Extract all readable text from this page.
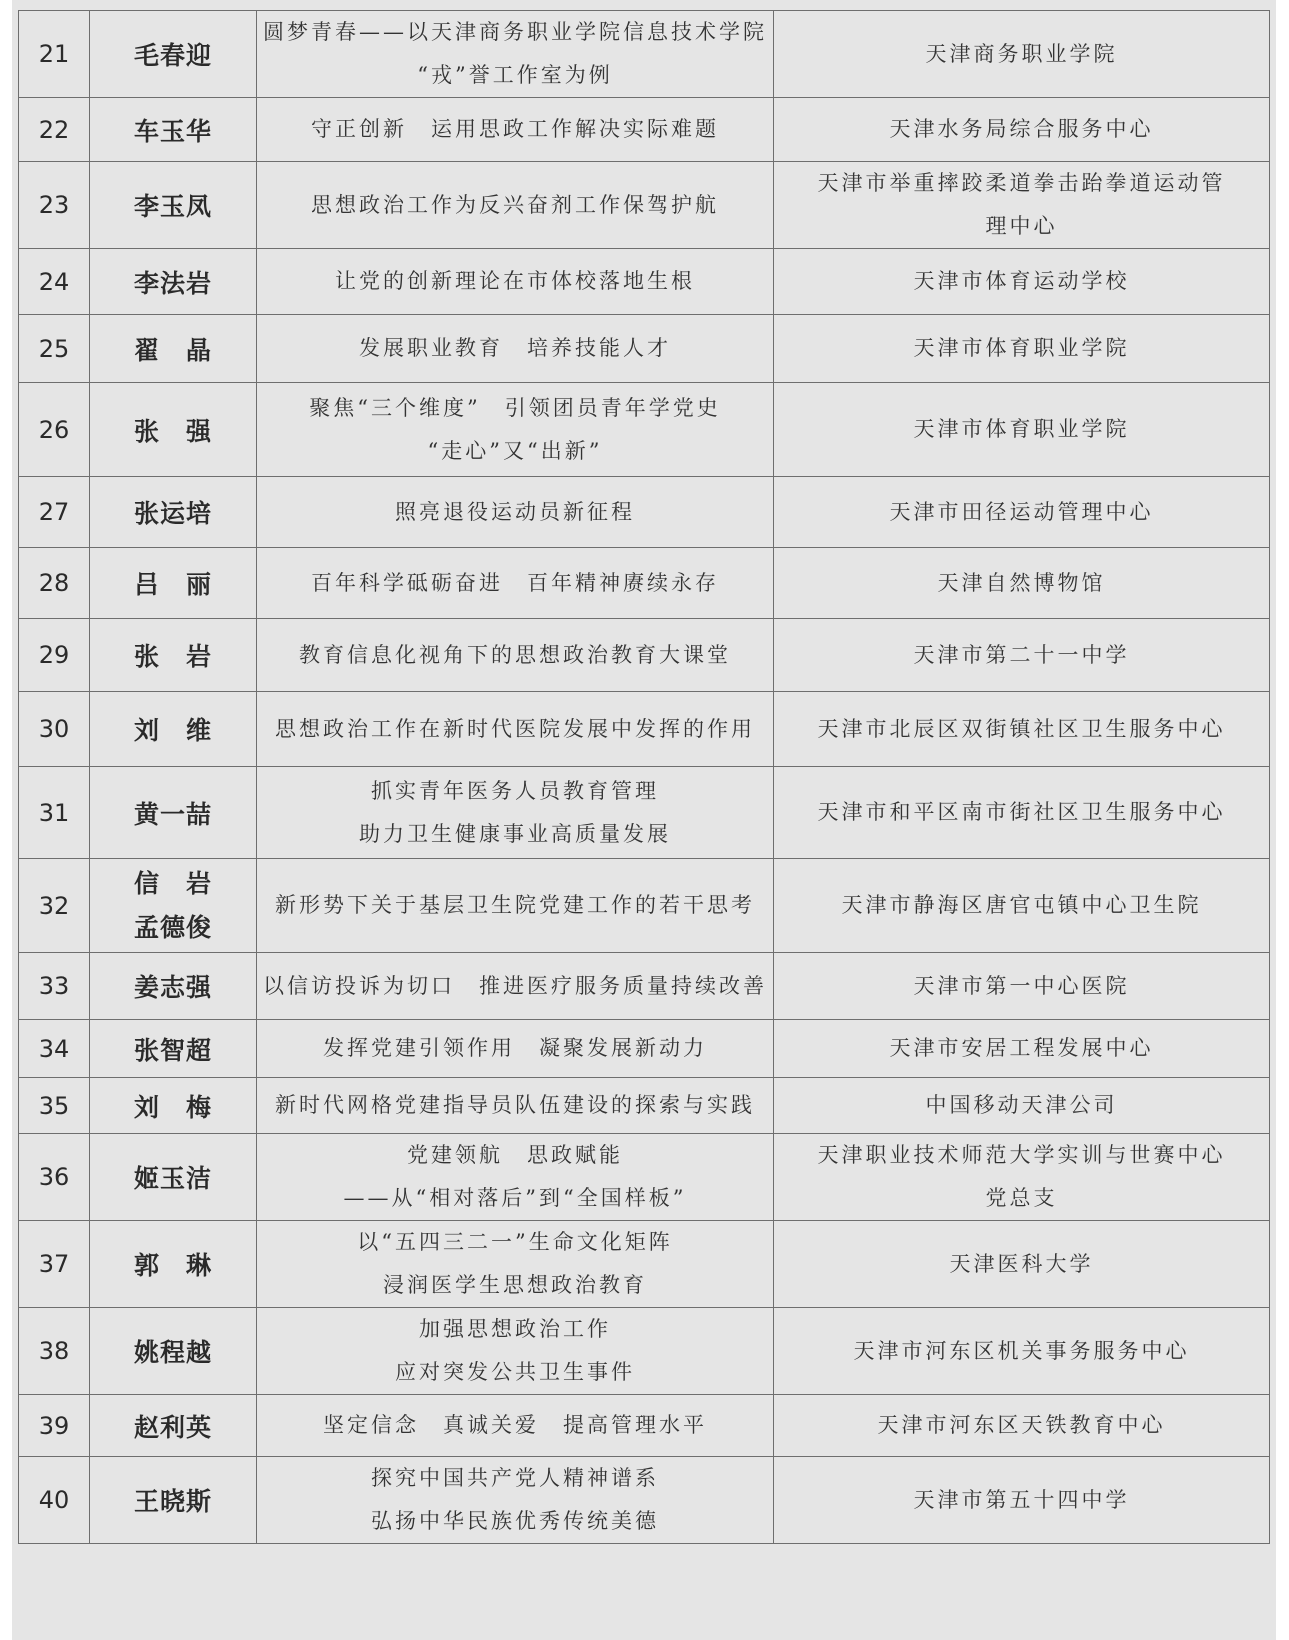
21	毛春迎	圆梦青春——以天津商务职业学院信息技术学院
“戎”誉工作室为例	天津商务职业学院

22	车玉华	守正创新　运用思政工作解决实际难题	天津水务局综合服务中心

23	李玉凤	思想政治工作为反兴奋剂工作保驾护航	天津市举重摔跤柔道拳击跆拳道运动管
理中心

24	李法岩	让党的创新理论在市体校落地生根	天津市体育运动学校

25	翟　晶	发展职业教育　培养技能人才	天津市体育职业学院

26	张　强	聚焦“三个维度”　引领团员青年学党史
“走心”又“出新”	天津市体育职业学院

27	张运培	照亮退役运动员新征程	天津市田径运动管理中心

28	吕　丽	百年科学砥砺奋进　百年精神赓续永存	天津自然博物馆

29	张　岩	教育信息化视角下的思想政治教育大课堂	天津市第二十一中学

30	刘　维	思想政治工作在新时代医院发展中发挥的作用	天津市北辰区双街镇社区卫生服务中心

31	黄一喆	抓实青年医务人员教育管理
助力卫生健康事业高质量发展	天津市和平区南市街社区卫生服务中心

32	信　岩
孟德俊	新形势下关于基层卫生院党建工作的若干思考	天津市静海区唐官屯镇中心卫生院

33	姜志强	以信访投诉为切口　推进医疗服务质量持续改善	天津市第一中心医院

34	张智超	发挥党建引领作用　凝聚发展新动力	天津市安居工程发展中心

35	刘　梅	新时代网格党建指导员队伍建设的探索与实践	中国移动天津公司

36	姬玉洁	党建领航　思政赋能
——从“相对落后”到“全国样板”	天津职业技术师范大学实训与世赛中心
党总支

37	郭　琳	以“五四三二一”生命文化矩阵
浸润医学生思想政治教育	天津医科大学

38	姚程越	加强思想政治工作
应对突发公共卫生事件	天津市河东区机关事务服务中心

39	赵利英	坚定信念　真诚关爱　提高管理水平	天津市河东区天铁教育中心

40	王晓斯	探究中国共产党人精神谱系
弘扬中华民族优秀传统美德	天津市第五十四中学
